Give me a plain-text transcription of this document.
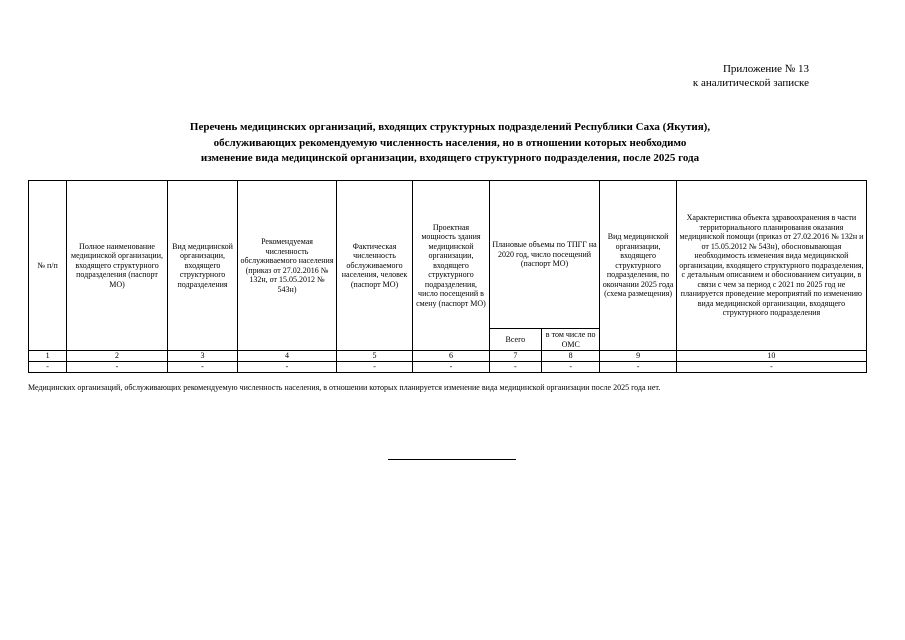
Приложение № 13
к аналитической записке
Перечень медицинских организаций, входящих структурных подразделений Республики Саха (Якутия),
обслуживающих рекомендуемую численность населения, но в отношении которых необходимо
изменение вида медицинской организации, входящего структурного подразделения, после 2025 года
№ п/п	Полное наименование медицинской организации, входящего структурного подразделения (паспорт МО)	Вид медицинской организации, входящего структурного подразделения	Рекомендуемая численность обслуживаемого населения (приказ от 27.02.2016 № 132н, от 15.05.2012 № 543н)	Фактическая численность обслуживаемого населения, человек (паспорт МО)	Проектная мощность здания медицинской организации, входящего структурного подразделения, число посещений в смену (паспорт МО)	Плановые объемы по ТПГГ на 2020 год, число посещений (паспорт МО)		Вид медицинской организации, входящего структурного подразделения, по окончании 2025 года (схема размещения)	Характеристика объекта здравоохранения в части территориального планирования оказания медицинской помощи (приказ от 27.02.2016 № 132н и от 15.05.2012 № 543н), обосновывающая необходимость изменения вида медицинской организации, входящего структурного подразделения, с детальным описанием и обоснованием ситуации, в связи с чем за период с 2021 по 2025 год не планируется проведение мероприятий по изменению вида медицинской организации, входящего структурного подразделения
						Всего	в том числе по ОМС		
1	2	3	4	5	6	7	8	9	10
-	-	-	-	-	-	-	-	-	-
Медицинских организаций, обслуживающих рекомендуемую численность населения, в отношении которых планируется изменение вида медицинской организации после 2025 года нет.
